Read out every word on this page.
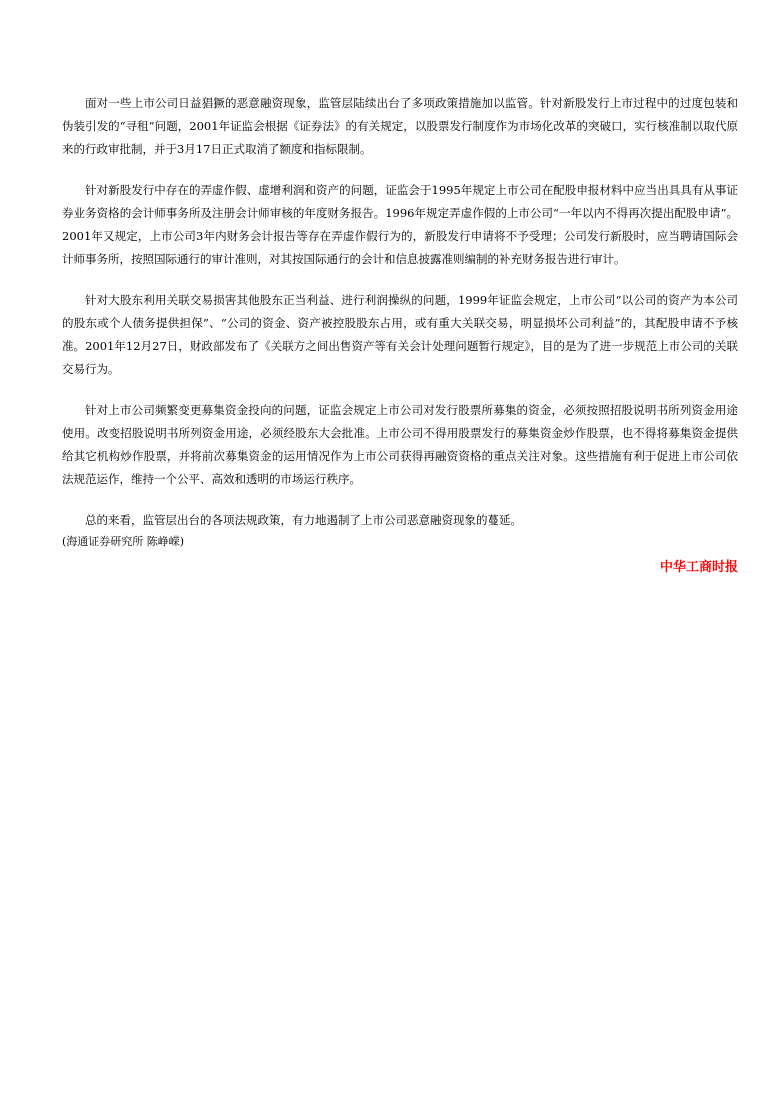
面对一些上市公司日益猖獗的恶意融资现象，监管层陆续出台了多项政策措施加以监管。针对新股发行上市过程中的过度包装和伪装引发的“寻租”问题，2001年证监会根据《证券法》的有关规定，以股票发行制度作为市场化改革的突破口，实行核准制以取代原来的行政审批制，并于3月17日正式取消了额度和指标限制。

针对新股发行中存在的弄虚作假、虚增利润和资产的问题，证监会于1995年规定上市公司在配股申报材料中应当出具具有从事证券业务资格的会计师事务所及注册会计师审核的年度财务报告。1996年规定弄虚作假的上市公司“一年以内不得再次提出配股申请”。2001年又规定，上市公司3年内财务会计报告等存在弄虚作假行为的，新股发行申请将不予受理；公司发行新股时，应当聘请国际会计师事务所，按照国际通行的审计准则，对其按国际通行的会计和信息披露准则编制的补充财务报告进行审计。

针对大股东利用关联交易损害其他股东正当利益、进行利润操纵的问题，1999年证监会规定，上市公司“以公司的资产为本公司的股东或个人债务提供担保”、“公司的资金、资产被控股股东占用，或有重大关联交易，明显损坏公司利益”的，其配股申请不予核准。2001年12月27日，财政部发布了《关联方之间出售资产等有关会计处理问题暂行规定》，目的是为了进一步规范上市公司的关联交易行为。

针对上市公司频繁变更募集资金投向的问题，证监会规定上市公司对发行股票所募集的资金，必须按照招股说明书所列资金用途使用。改变招股说明书所列资金用途，必须经股东大会批准。上市公司不得用股票发行的募集资金炒作股票，也不得将募集资金提供给其它机构炒作股票，并将前次募集资金的运用情况作为上市公司获得再融资资格的重点关注对象。这些措施有利于促进上市公司依法规范运作，维持一个公平、高效和透明的市场运行秩序。

总的来看，监管层出台的各项法规政策，有力地遏制了上市公司恶意融资现象的蔓延。

(海通证券研究所 陈峥嵘)

中华工商时报
